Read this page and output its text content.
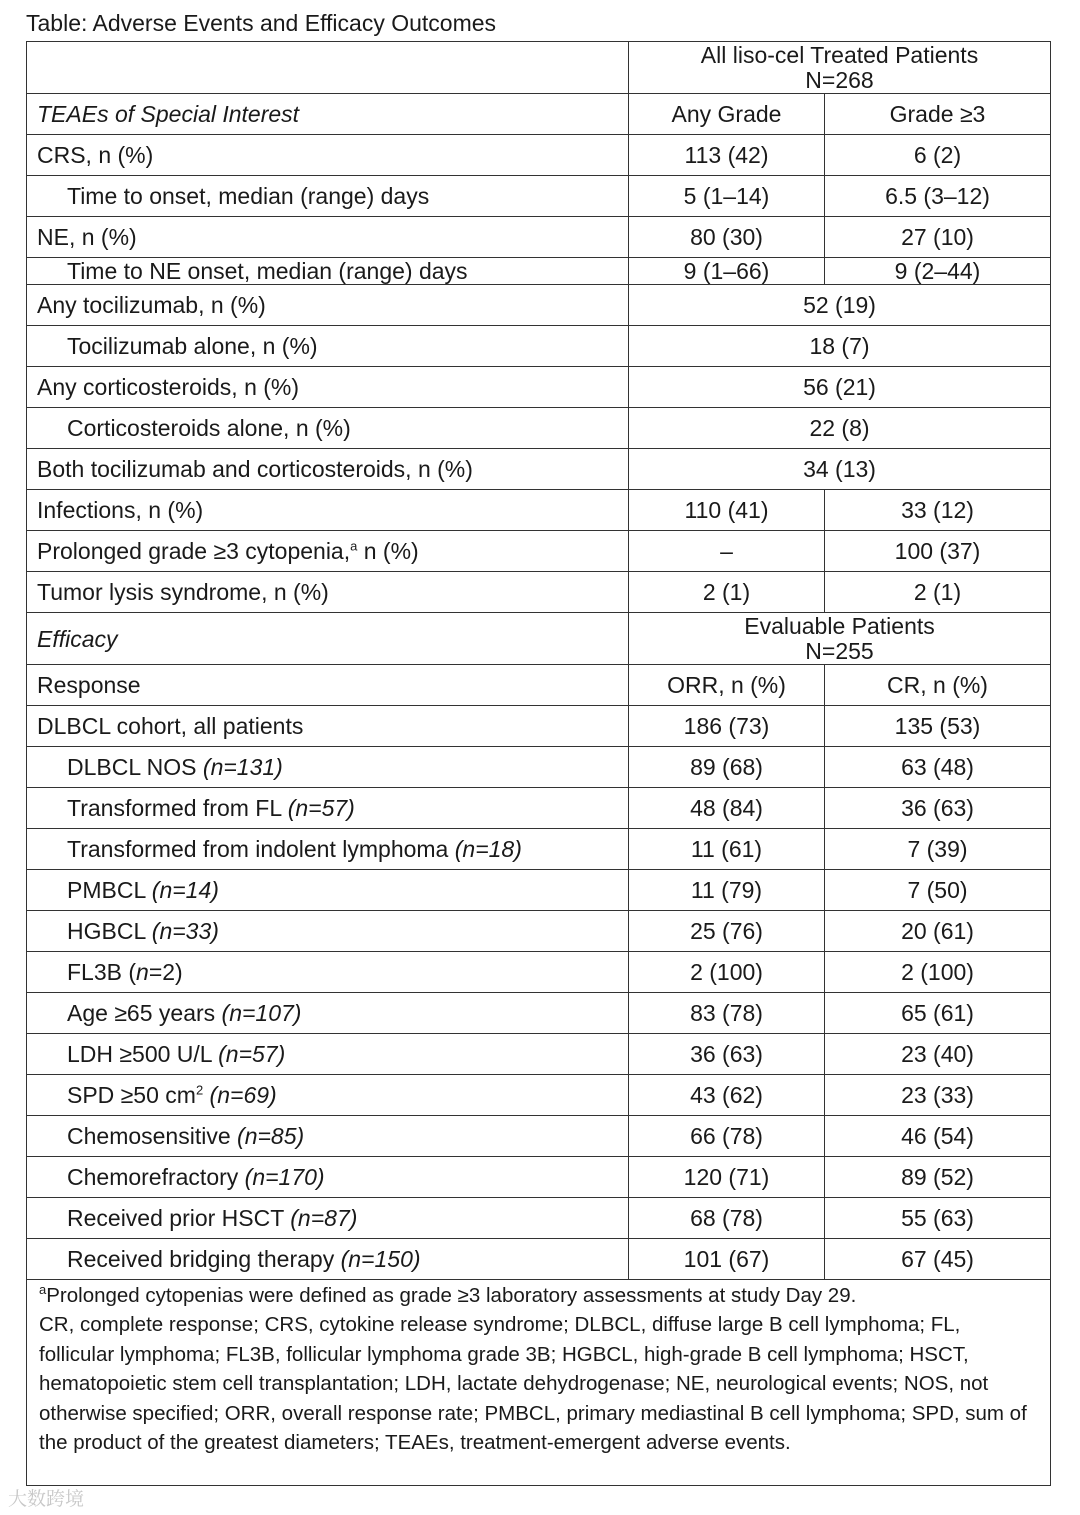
Table: Adverse Events and Efficacy Outcomes

	All liso-cel Treated Patients
N=268	

TEAEs of Special Interest	Any Grade	Grade ≥3
CRS, n (%)	113 (42)	6 (2)
Time to onset, median (range) days	5 (1–14)	6.5 (3–12)
NE, n (%)	80 (30)	27 (10)
Time to NE onset, median (range) days	9 (1–66)	9 (2–44)
Any tocilizumab, n (%)	52 (19)	
Tocilizumab alone, n (%)	18 (7)	
Any corticosteroids, n (%)	56 (21)	
Corticosteroids alone, n (%)	22 (8)	
Both tocilizumab and corticosteroids, n (%)	34 (13)	
Infections, n (%)	110 (41)	33 (12)
Prolonged grade ≥3 cytopenia,$^a$ n (%)	–	100 (37)
Tumor lysis syndrome, n (%)	2 (1)	2 (1)
Efficacy	Evaluable Patients
N=255	

Response	ORR, n (%)	CR, n (%)
DLBCL cohort, all patients	186 (73)	135 (53)
DLBCL NOS (n=131)	89 (68)	63 (48)
Transformed from FL (n=57)	48 (84)	36 (63)
Transformed from indolent lymphoma (n=18)	11 (61)	7 (39)
PMBCL (n=14)	11 (79)	7 (50)
HGBCL (n=33)	25 (76)	20 (61)
FL3B (n=2)	2 (100)	2 (100)
Age ≥65 years (n=107)	83 (78)	65 (61)
LDH ≥500 U/L (n=57)	36 (63)	23 (40)
SPD ≥50 $cm^2$ (n=69)	43 (62)	23 (33)
Chemosensitive (n=85)	66 (78)	46 (54)
Chemorefractory (n=170)	120 (71)	89 (52)
Received prior HSCT (n=87)	68 (78)	55 (63)
Received bridging therapy (n=150)	101 (67)	67 (45)

$^a$Prolonged cytopenias were defined as grade ≥3 laboratory assessments at study Day 29.
CR, complete response; CRS, cytokine release syndrome; DLBCL, diffuse large B cell lymphoma; FL, follicular lymphoma; FL3B, follicular lymphoma grade 3B; HGBCL, high-grade B cell lymphoma; HSCT, hematopoietic stem cell transplantation; LDH, lactate dehydrogenase; NE, neurological events; NOS, not otherwise specified; ORR, overall response rate; PMBCL, primary mediastinal B cell lymphoma; SPD, sum of the product of the greatest diameters; TEAEs, treatment-emergent adverse events.		
大数跨境
